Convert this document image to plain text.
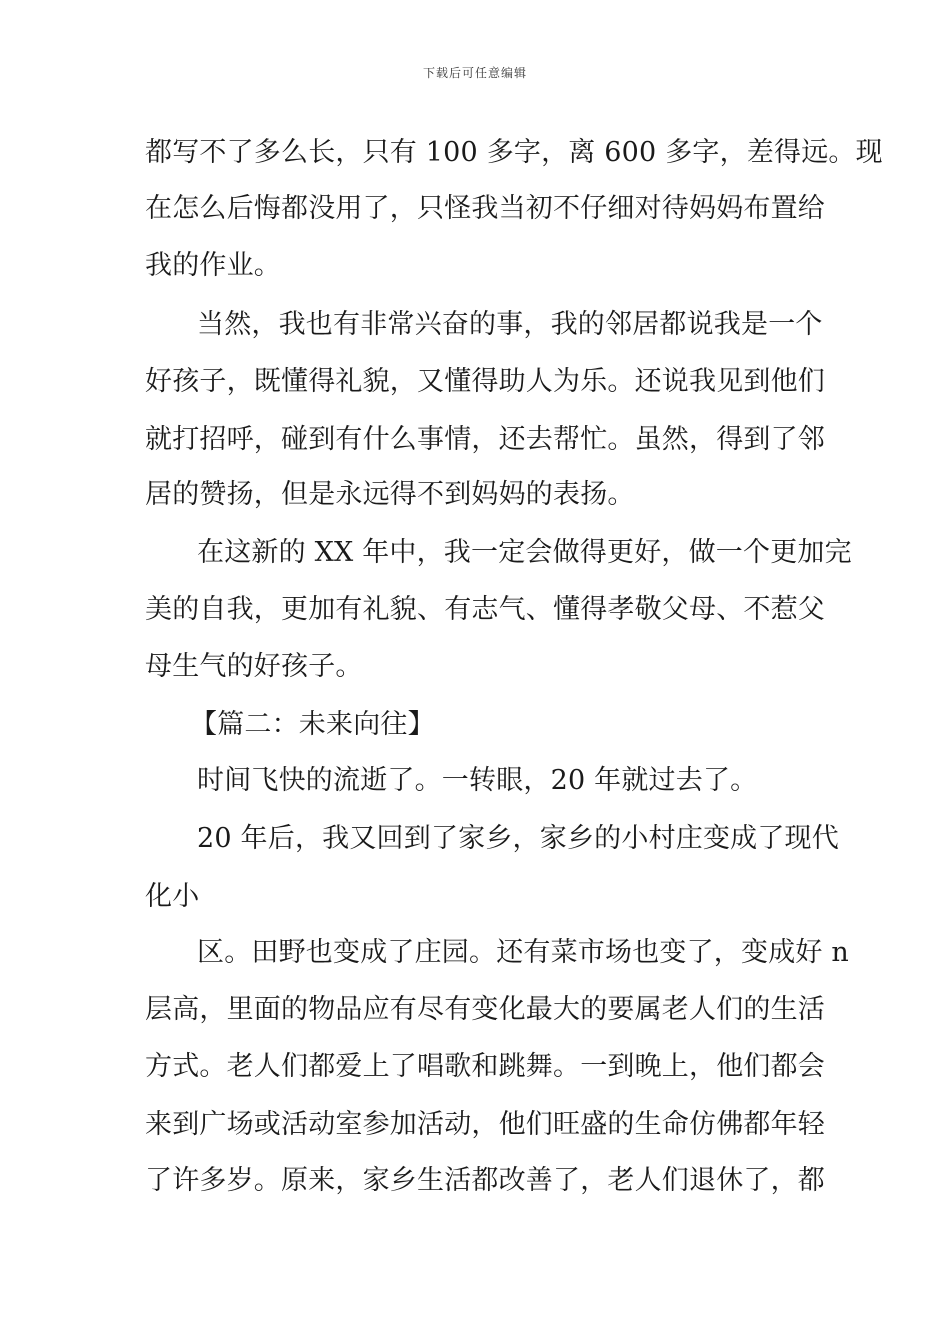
下载后可任意编辑
都写不了多么长，只有 100 多字，离 600 多字，差得远。现
在怎么后悔都没用了，只怪我当初不仔细对待妈妈布置给
我的作业。
当然，我也有非常兴奋的事，我的邻居都说我是一个
好孩子，既懂得礼貌，又懂得助人为乐。还说我见到他们
就打招呼，碰到有什么事情，还去帮忙。虽然，得到了邻
居的赞扬，但是永远得不到妈妈的表扬。
在这新的 XX 年中，我一定会做得更好，做一个更加完
美的自我，更加有礼貌、有志气、懂得孝敬父母、不惹父
母生气的好孩子。
【篇二：未来向往】
时间飞快的流逝了。一转眼，20 年就过去了。
20 年后，我又回到了家乡，家乡的小村庄变成了现代
化小
区。田野也变成了庄园。还有菜市场也变了，变成好 n
层高，里面的物品应有尽有变化最大的要属老人们的生活
方式。老人们都爱上了唱歌和跳舞。一到晚上，他们都会
来到广场或活动室参加活动，他们旺盛的生命仿佛都年轻
了许多岁。原来，家乡生活都改善了，老人们退休了，都
